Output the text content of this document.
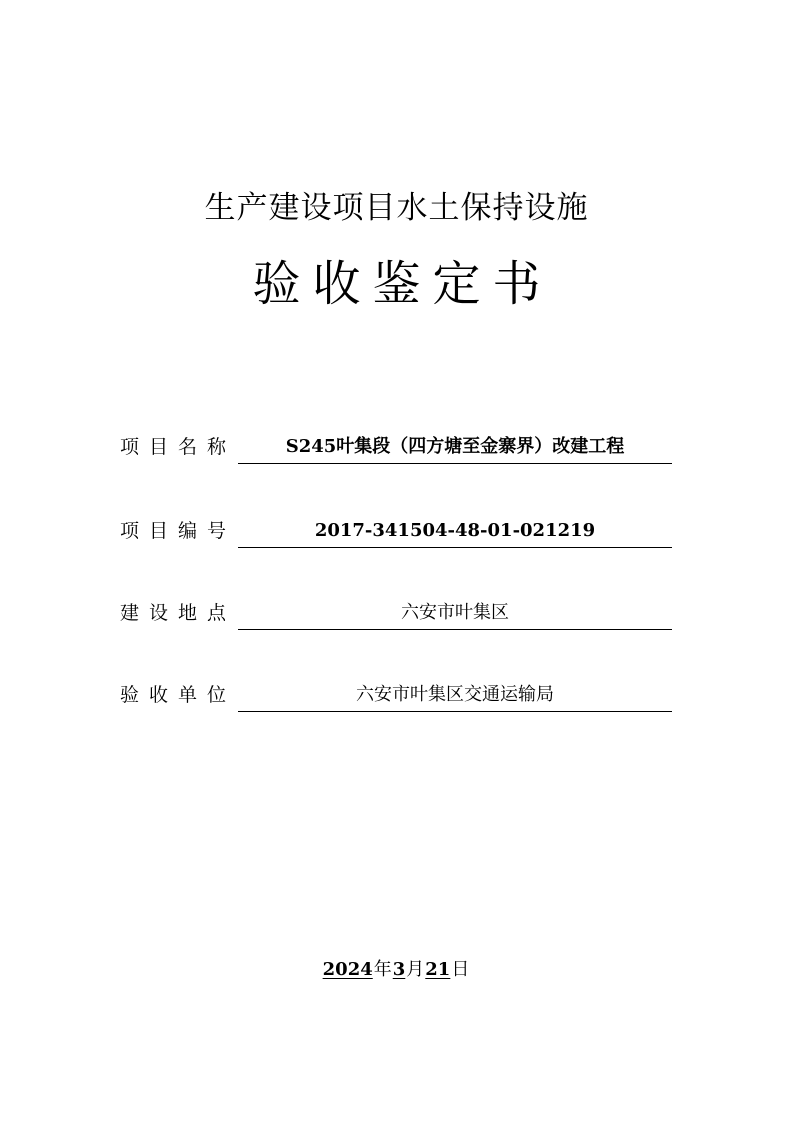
生产建设项目水土保持设施
验收鉴定书
项目名称	S245叶集段（四方塘至金寨界）改建工程
项目编号	2017-341504-48-01-021219
建设地点	六安市叶集区
验收单位	六安市叶集区交通运输局
2024年3月21日
